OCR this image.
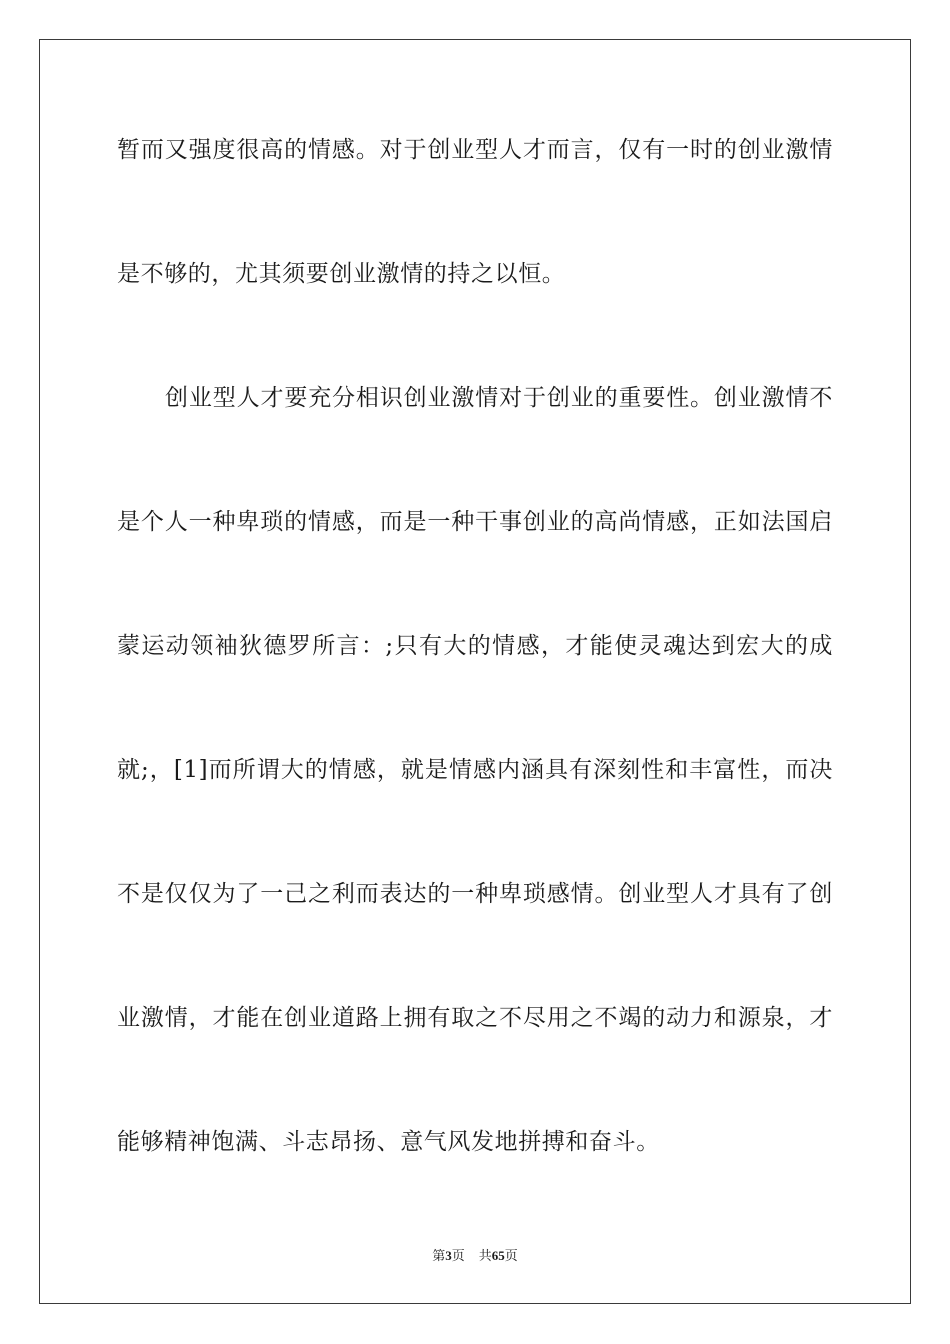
暂而又强度很高的情感。对于创业型人才而言，仅有一时的创业激情
是不够的，尤其须要创业激情的持之以恒。
创业型人才要充分相识创业激情对于创业的重要性。创业激情不
是个人一种卑琐的情感，而是一种干事创业的高尚情感，正如法国启
蒙运动领袖狄德罗所言：;只有大的情感，才能使灵魂达到宏大的成
就;，[1]而所谓大的情感，就是情感内涵具有深刻性和丰富性，而决
不是仅仅为了一己之利而表达的一种卑琐感情。创业型人才具有了创
业激情，才能在创业道路上拥有取之不尽用之不竭的动力和源泉，才
能够精神饱满、斗志昂扬、意气风发地拼搏和奋斗。
第3页 共65页
